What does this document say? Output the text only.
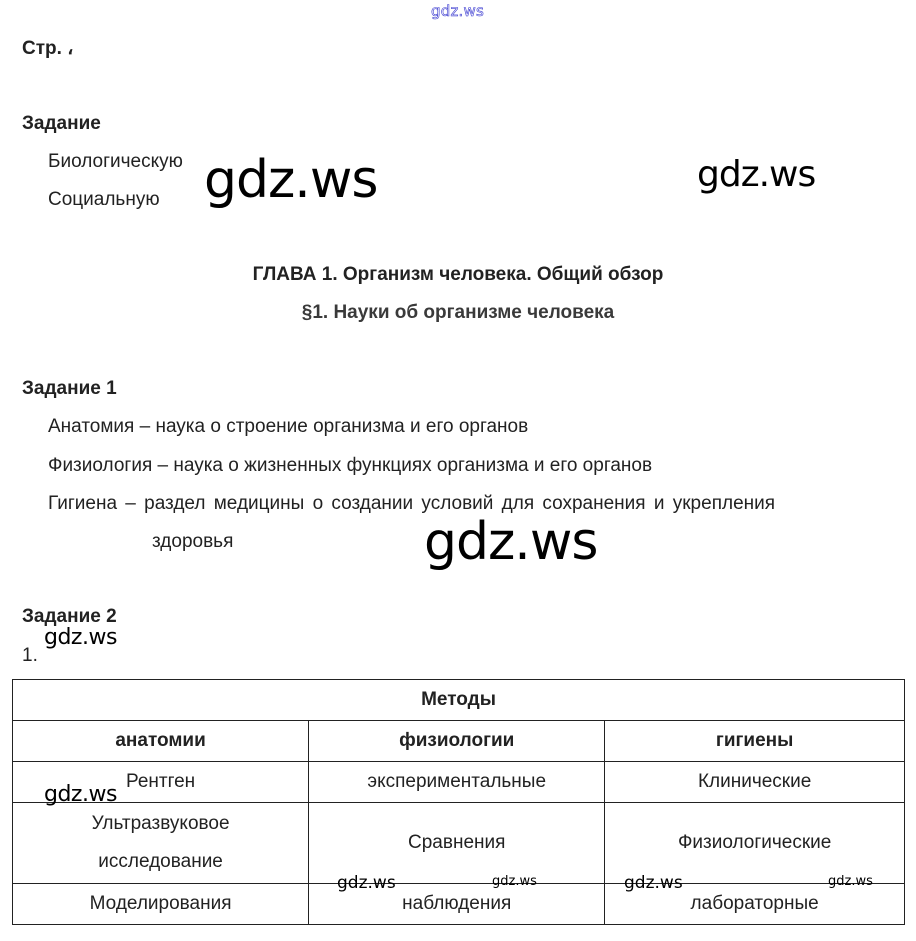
gdz.ws
Стр. ،
Задание
Биологическую
Социальную
ГЛАВА 1. Организм человека. Общий обзор
§1. Науки об организме человека
Задание 1
Анатомия – наука о строение организма и его органов
Физиология – наука о жизненных функциях организма и его органов
Гигиена – раздел медицины о создании условий для сохранения и укрепления
здоровья
Задание 2
1.
Методы		
анатомии	физиологии	гигиены
Рентген	экспериментальные	Клинические

Ультразвуковое
исследование	Сравнения	Физиологические
Моделирования	наблюдения	лабораторные
gdz.ws	gdz.ws
gdz.ws
gdz.ws
gdz.ws
gdz.ws	gdz.ws	gdz.ws	gdz.ws
